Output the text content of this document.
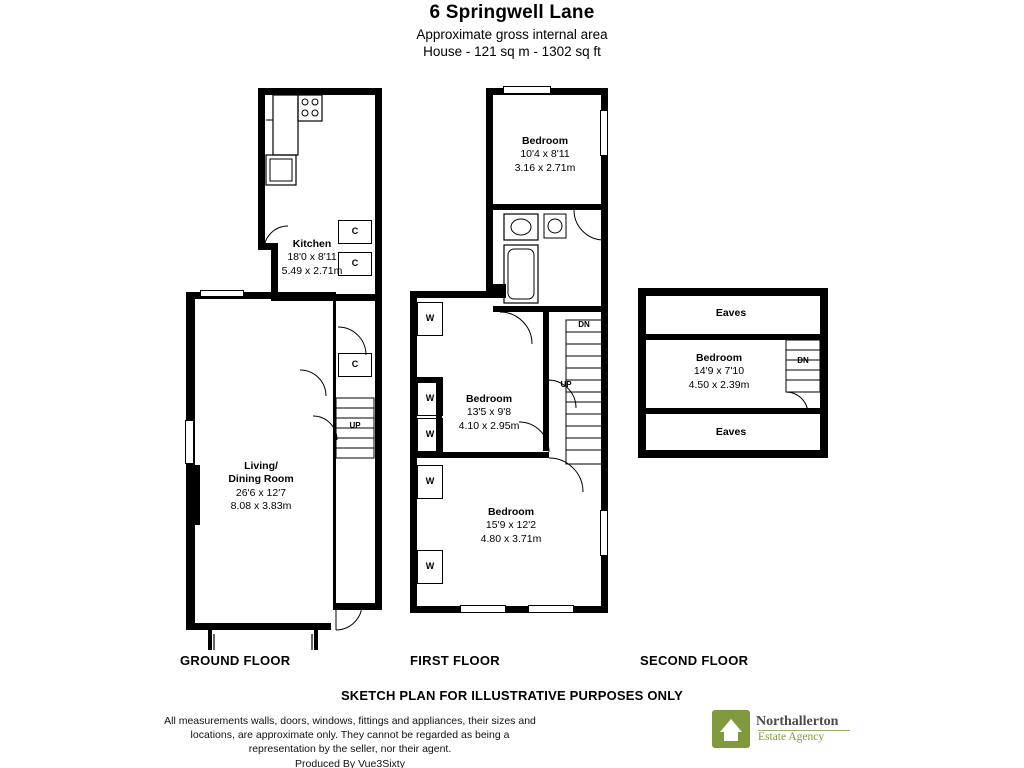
6 Springwell Lane
Approximate gross internal area
House - 121 sq m - 1302 sq ft
C
C
C
UP
Kitchen
18'0 x 8'11
5.49 x 2.71m
Living/
Dining Room
26'6 x 12'7
8.08 x 3.83m
W
W
W
W
W
DN
UP
Bedroom
10'4 x 8'11
3.16 x 2.71m
Bedroom
13'5 x 9'8
4.10 x 2.95m
Bedroom
15'9 x 12'2
4.80 x 3.71m
DN
Eaves
Eaves
Bedroom
14'9 x 7'10
4.50 x 2.39m
GROUND FLOOR	FIRST FLOOR	SECOND FLOOR
SKETCH PLAN FOR ILLUSTRATIVE PURPOSES ONLY
All measurements walls, doors, windows, fittings and appliances, their sizes and
locations, are approximate only. They cannot be regarded as being a
representation by the seller, nor their agent.
Produced By Vue3Sixty
Northallerton
Estate Agency
